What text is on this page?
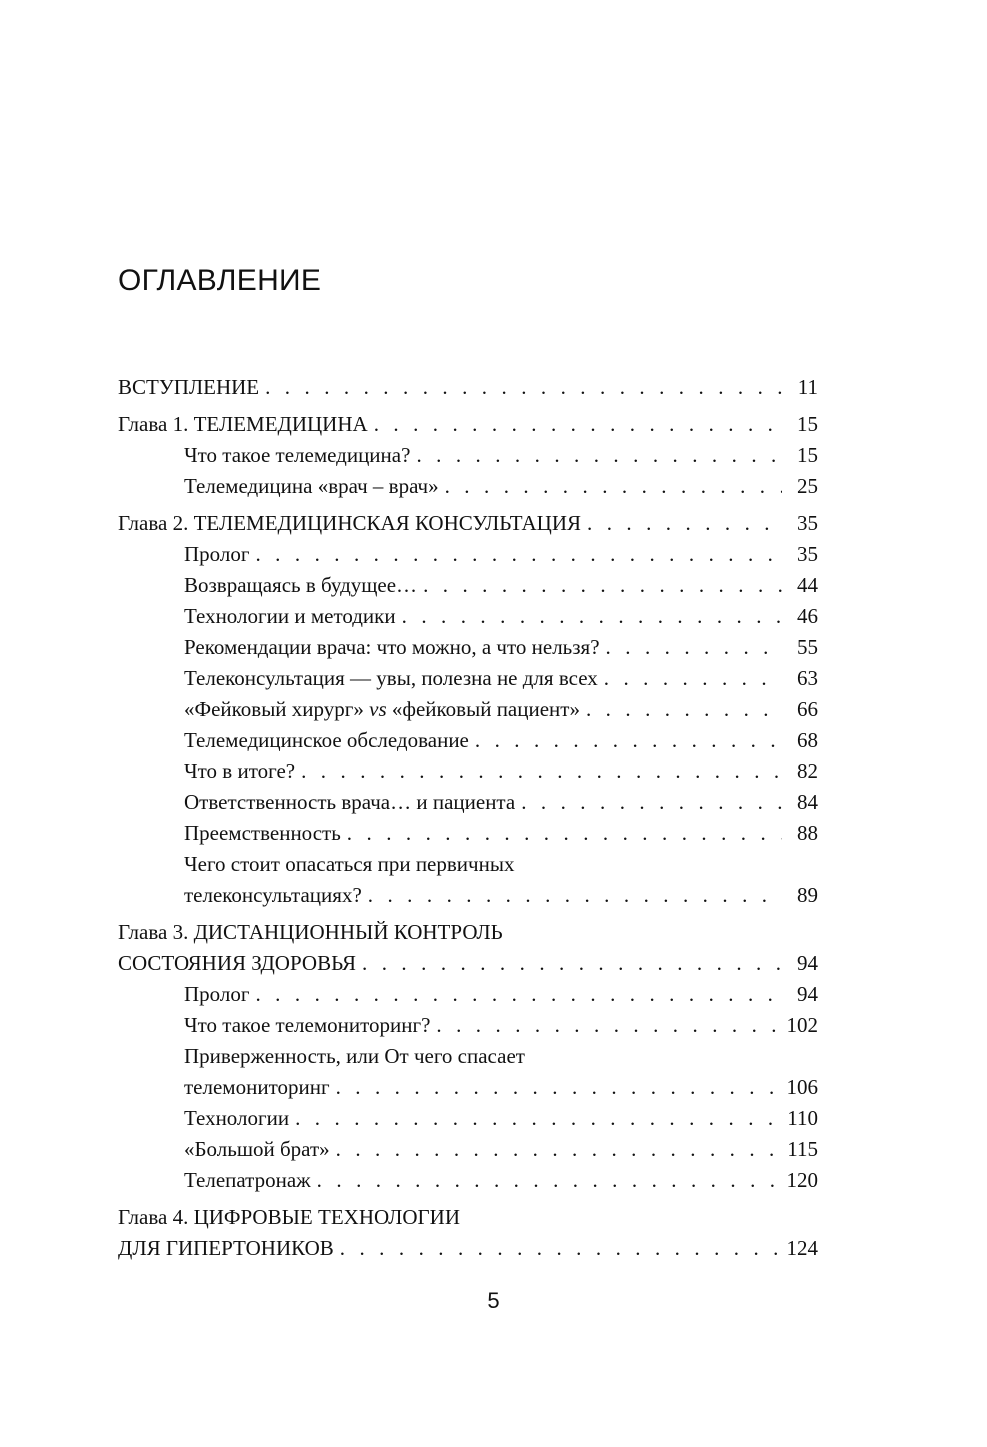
ОГЛАВЛЕНИЕ
ВСТУПЛЕНИЕ . . .	11
Глава 1. ТЕЛЕМЕДИЦИНА . . .	15
Что такое телемедицина? . . .	15
Телемедицина «врач – врач» . . .	25
Глава 2. ТЕЛЕМЕДИЦИНСКАЯ КОНСУЛЬТАЦИЯ . . .	35
Пролог . . .	35
Возвращаясь в будущее… . . .	44
Технологии и методики . . .	46
Рекомендации врача: что можно, а что нельзя? . . .	55
Телеконсультация — увы, полезна не для всех . . .	63
«Фейковый хирург» vs «фейковый пациент» . . .	66
Телемедицинское обследование . . .	68
Что в итоге? . . .	82
Ответственность врача… и пациента . . .	84
Преемственность . . .	88
Чего стоит опасаться при первичных
телеконсультациях? . . .	89
Глава 3. ДИСТАНЦИОННЫЙ КОНТРОЛЬ
СОСТОЯНИЯ ЗДОРОВЬЯ . . .	94
Пролог . . .	94
Что такое телемониторинг? . . .	102
Приверженность, или От чего спасает
телемониторинг . . .	106
Технологии . . .	110
«Большой брат» . . .	115
Телепатронаж . . .	120
Глава 4. ЦИФРОВЫЕ ТЕХНОЛОГИИ
ДЛЯ ГИПЕРТОНИКОВ . . .	124
5
